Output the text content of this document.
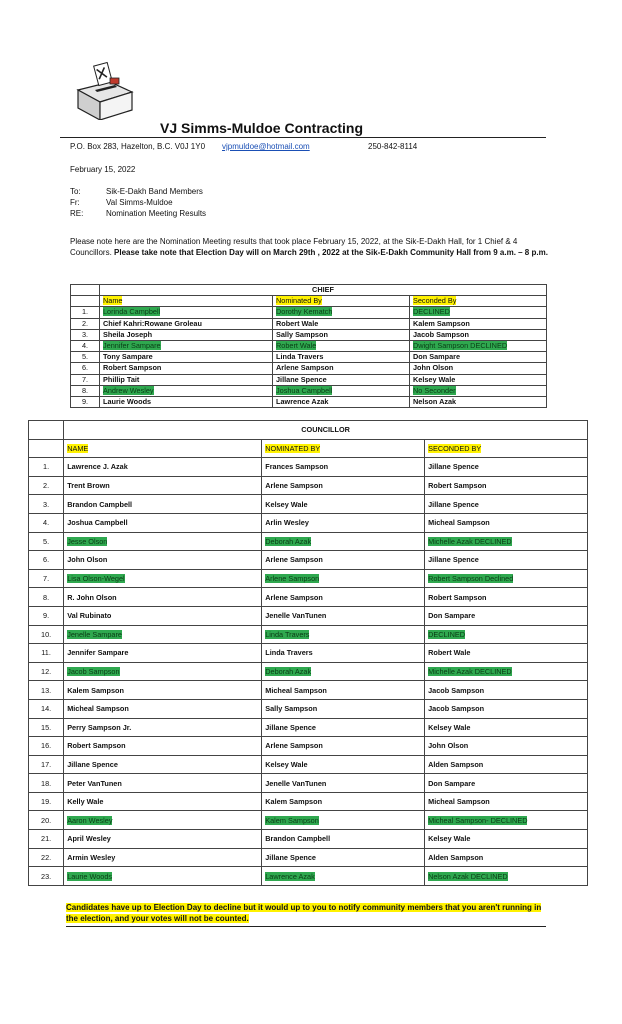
VJ Simms-Muldoe Contracting
P.O. Box 283, Hazelton, B.C. V0J 1Y0 vjpmuldoe@hotmail.com	250-842-8114
February 15, 2022
To:	Sik-E-Dakh Band Members
Fr:	Val Simms-Muldoe
RE:	Nomination Meeting Results
Please note here are the Nomination Meeting results that took place February 15, 2022, at the Sik-E-Dakh Hall, for 1 Chief & 4 Councillors. Please take note that Election Day will on March 29th , 2022 at the Sik-E-Dakh Community Hall from 9 a.m. – 8 p.m.
	CHIEF		
	Name	Nominated By	Seconded By
1.	Lorinda Campbell	Dorothy Kematch	DECLINED
2.	Chief Kahri:Rowane Groleau	Robert Wale	Kalem Sampson
3.	Sheila Joseph	Sally Sampson	Jacob Sampson
4.	Jennifer Sampare	Robert Wale	Dwight Sampson DECLINED
5.	Tony Sampare	Linda Travers	Don Sampare
6.	Robert Sampson	Arlene Sampson	John Olson
7.	Phillip Tait	Jillane Spence	Kelsey Wale
8.	Andrew Wesley	Joshua Campbell	No Seconder
9.	Laurie Woods	Lawrence Azak	Nelson Azak
	COUNCILLOR		
	NAME	NOMINATED BY	SECONDED BY
1.	Lawrence J. Azak	Frances Sampson	Jillane Spence
2.	Trent Brown	Arlene Sampson	Robert Sampson
3.	Brandon Campbell	Kelsey Wale	Jillane Spence
4.	Joshua Campbell	Arlin Wesley	Micheal Sampson
5.	Jesse Olson	Deborah Azak	Michelle Azak DECLINED
6.	John Olson	Arlene Sampson	Jillane Spence
7.	Lisa Olson-Wegel	Arlene Sampson	Robert Sampson Declined
8.	R. John Olson	Arlene Sampson	Robert Sampson
9.	Val Rubinato	Jenelle VanTunen	Don Sampare
10.	Jenelle Sampare	Linda Travers	DECLINED
11.	Jennifer Sampare	Linda Travers	Robert Wale
12.	Jacob Sampson	Deborah Azak	Michelle Azak DECLINED
13.	Kalem Sampson	Micheal Sampson	Jacob Sampson
14.	Micheal Sampson	Sally Sampson	Jacob Sampson
15.	Perry Sampson Jr.	Jillane Spence	Kelsey Wale
16.	Robert Sampson	Arlene Sampson	John Olson
17.	Jillane Spence	Kelsey Wale	Alden Sampson
18.	Peter VanTunen	Jenelle VanTunen	Don Sampare
19.	Kelly Wale	Kalem Sampson	Micheal Sampson
20.	Aaron Wesley	Kalem Sampson	Micheal Sampson- DECLINED
21.	April Wesley	Brandon Campbell	Kelsey Wale
22.	Armin Wesley	Jillane Spence	Alden Sampson
23.	Laurie Woods	Lawrence Azak	Nelson Azak DECLINED
Candidates have up to Election Day to decline but it would up to you to notify community members that you aren't running in the election, and your votes will not be counted.
